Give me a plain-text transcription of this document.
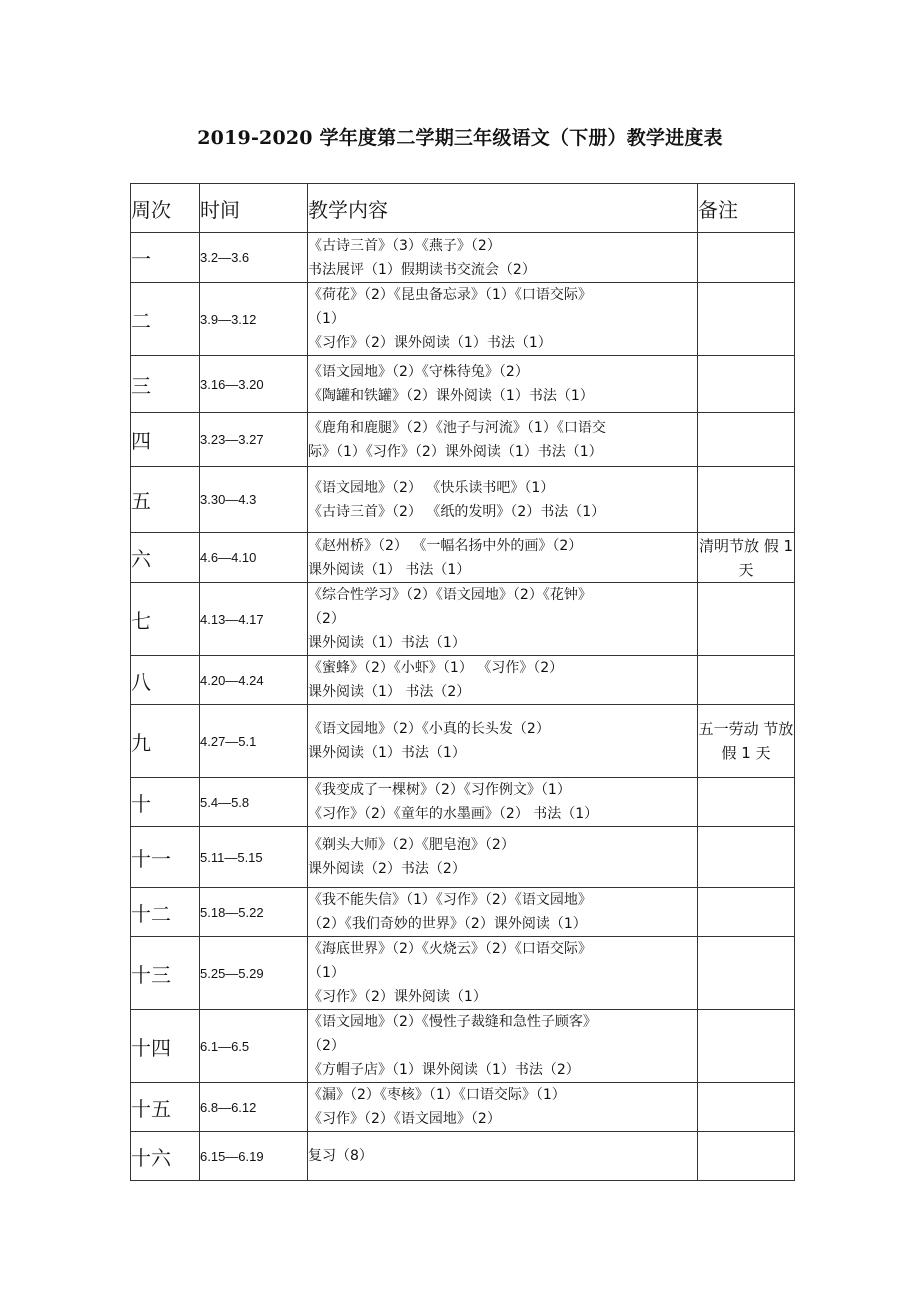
2019-2020 学年度第二学期三年级语文（下册）教学进度表
周次	时间	教学内容	备注
一	3.2—3.6	《古诗三首》（3）《燕子》（2）
书法展评（1）假期读书交流会（2）	
二	3.9—3.12	《荷花》（2）《昆虫备忘录》（1）《口语交际》
（1）
《习作》（2）课外阅读（1）书法（1）	
三	3.16—3.20	《语文园地》（2）《守株待兔》（2）
《陶罐和铁罐》（2）课外阅读（1）书法（1）	
四	3.23—3.27	《鹿角和鹿腿》（2）《池子与河流》（1）《口语交
际》（1）《习作》（2）课外阅读（1）书法（1）	
五	3.30—4.3	《语文园地》（2） 《快乐读书吧》（1）
《古诗三首》（2） 《纸的发明》（2）书法（1）	
六	4.6—4.10	《赵州桥》（2） 《一幅名扬中外的画》（2）
课外阅读（1） 书法（1）	清明节放 假 1 天
七	4.13—4.17	《综合性学习》（2）《语文园地》（2）《花钟》
（2）
课外阅读（1）书法（1）	
八	4.20—4.24	《蜜蜂》（2）《小虾》（1） 《习作》（2）
课外阅读（1） 书法（2）	
九	4.27—5.1	《语文园地》（2）《小真的长头发（2）
课外阅读（1）书法（1）	五一劳动 节放假 1 天
十	5.4—5.8	《我变成了一棵树》（2）《习作例文》（1）
《习作》（2）《童年的水墨画》（2） 书法（1）	
十一	5.11—5.15	《剃头大师》（2）《肥皂泡》（2）
课外阅读（2）书法（2）	
十二	5.18—5.22	《我不能失信》（1）《习作》（2）《语文园地》
（2）《我们奇妙的世界》（2）课外阅读（1）	
十三	5.25—5.29	《海底世界》（2）《火烧云》（2）《口语交际》
（1）
《习作》（2）课外阅读（1）	
十四	6.1—6.5	《语文园地》（2）《慢性子裁缝和急性子顾客》
（2）
《方帽子店》（1）课外阅读（1）书法（2）	
十五	6.8—6.12	《漏》（2）《枣核》（1）《口语交际》（1）
《习作》（2）《语文园地》（2）	
十六	6.15—6.19	复习（8）	
